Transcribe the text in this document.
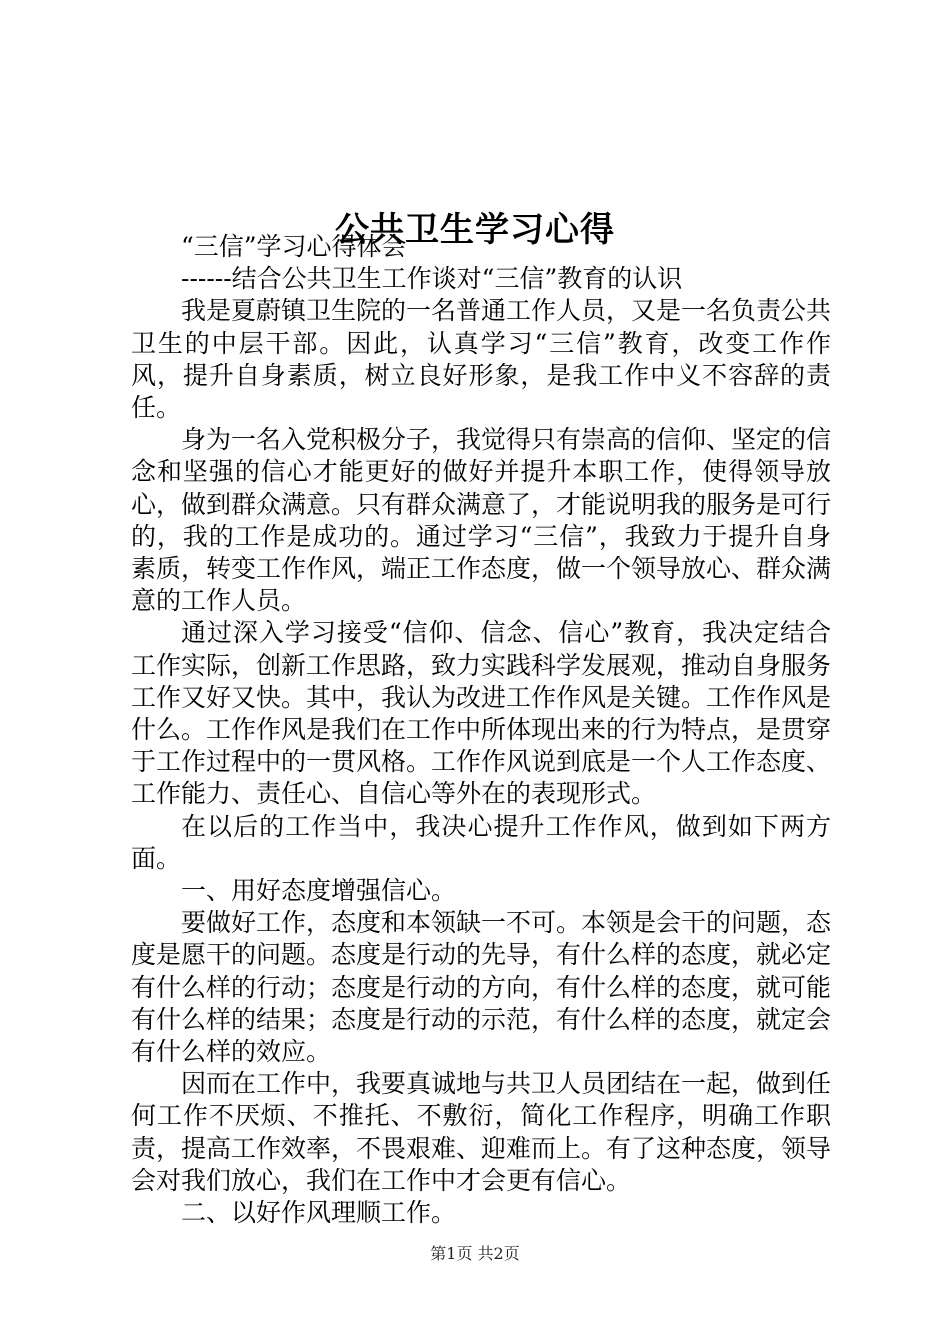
公共卫生学习心得

“三信”学习心得体会

------结合公共卫生工作谈对“三信”教育的认识

我是夏蔚镇卫生院的一名普通工作人员，又是一名负责公共卫生的中层干部。因此，认真学习“三信”教育，改变工作作风，提升自身素质，树立良好形象，是我工作中义不容辞的责任。

身为一名入党积极分子，我觉得只有崇高的信仰、坚定的信念和坚强的信心才能更好的做好并提升本职工作，使得领导放心，做到群众满意。只有群众满意了，才能说明我的服务是可行的，我的工作是成功的。通过学习“三信”，我致力于提升自身素质，转变工作作风，端正工作态度，做一个领导放心、群众满意的工作人员。

通过深入学习接受“信仰、信念、信心”教育，我决定结合工作实际，创新工作思路，致力实践科学发展观，推动自身服务工作又好又快。其中，我认为改进工作作风是关键。工作作风是什么。工作作风是我们在工作中所体现出来的行为特点，是贯穿于工作过程中的一贯风格。工作作风说到底是一个人工作态度、工作能力、责任心、自信心等外在的表现形式。

在以后的工作当中，我决心提升工作作风，做到如下两方面。

一、用好态度增强信心。

要做好工作，态度和本领缺一不可。本领是会干的问题，态度是愿干的问题。态度是行动的先导，有什么样的态度，就必定有什么样的行动；态度是行动的方向，有什么样的态度，就可能有什么样的结果；态度是行动的示范，有什么样的态度，就定会有什么样的效应。

因而在工作中，我要真诚地与共卫人员团结在一起，做到任何工作不厌烦、不推托、不敷衍，简化工作程序，明确工作职责，提高工作效率，不畏艰难、迎难而上。有了这种态度，领导会对我们放心，我们在工作中才会更有信心。

二、以好作风理顺工作。

第1页 共2页
